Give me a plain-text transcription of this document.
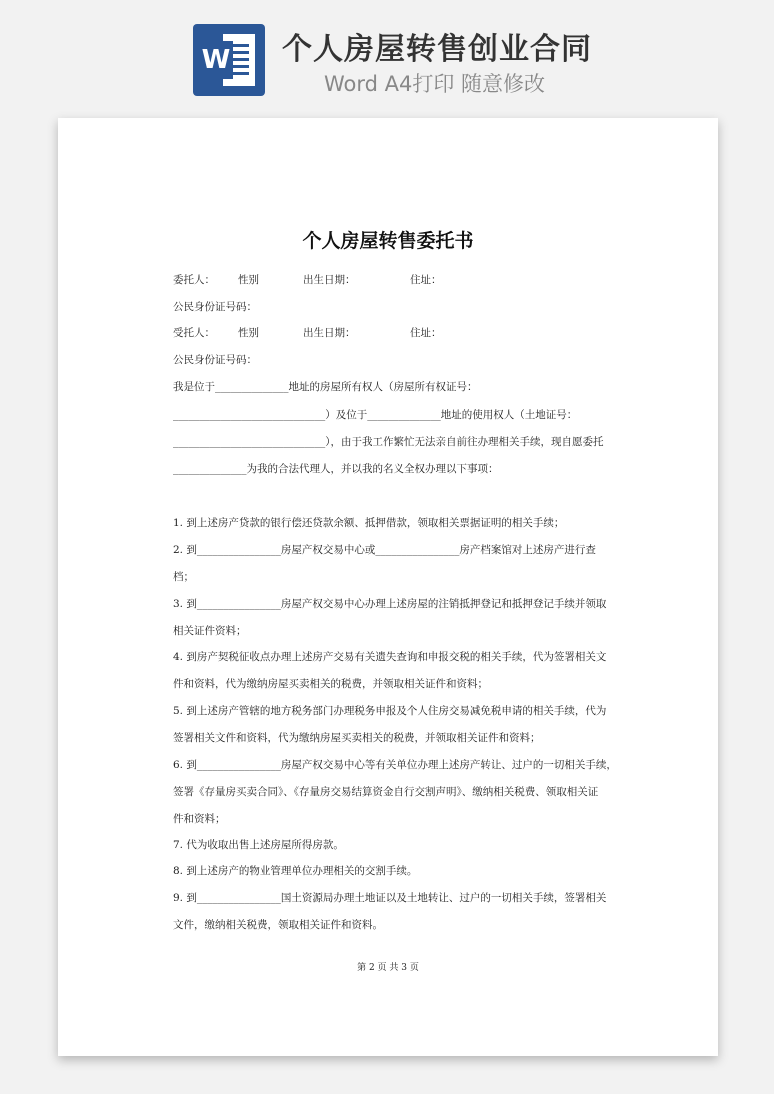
W 个人房屋转售创业合同
Word A4打印 随意修改
个人房屋转售委托书
委托人： 性别	出生日期：	住址：
公民身份证号码：
受托人： 性别	出生日期：	住址：
公民身份证号码：
我是位于______________地址的房屋所有权人（房屋所有权证号：
_____________________________）及位于______________地址的使用权人（土地证号：
_____________________________），由于我工作繁忙无法亲自前往办理相关手续，现自愿委托
______________为我的合法代理人，并以我的名义全权办理以下事项：
1. 到上述房产贷款的银行偿还贷款余额、抵押借款，领取相关票据证明的相关手续；
2. 到________________房屋产权交易中心或________________房产档案馆对上述房产进行查
档；
3. 到________________房屋产权交易中心办理上述房屋的注销抵押登记和抵押登记手续并领取
相关证件资料；
4. 到房产契税征收点办理上述房产交易有关遗失查询和申报交税的相关手续，代为签署相关文
件和资料，代为缴纳房屋买卖相关的税费，并领取相关证件和资料；
5. 到上述房产管辖的地方税务部门办理税务申报及个人住房交易减免税申请的相关手续，代为
签署相关文件和资料，代为缴纳房屋买卖相关的税费，并领取相关证件和资料；
6. 到________________房屋产权交易中心等有关单位办理上述房产转让、过户的一切相关手续，
签署《存量房买卖合同》、《存量房交易结算资金自行交割声明》、缴纳相关税费、领取相关证
件和资料；
7. 代为收取出售上述房屋所得房款。
8. 到上述房产的物业管理单位办理相关的交割手续。
9. 到________________国土资源局办理土地证以及土地转让、过户的一切相关手续，签署相关
文件，缴纳相关税费，领取相关证件和资料。
第 2 页 共 3 页
